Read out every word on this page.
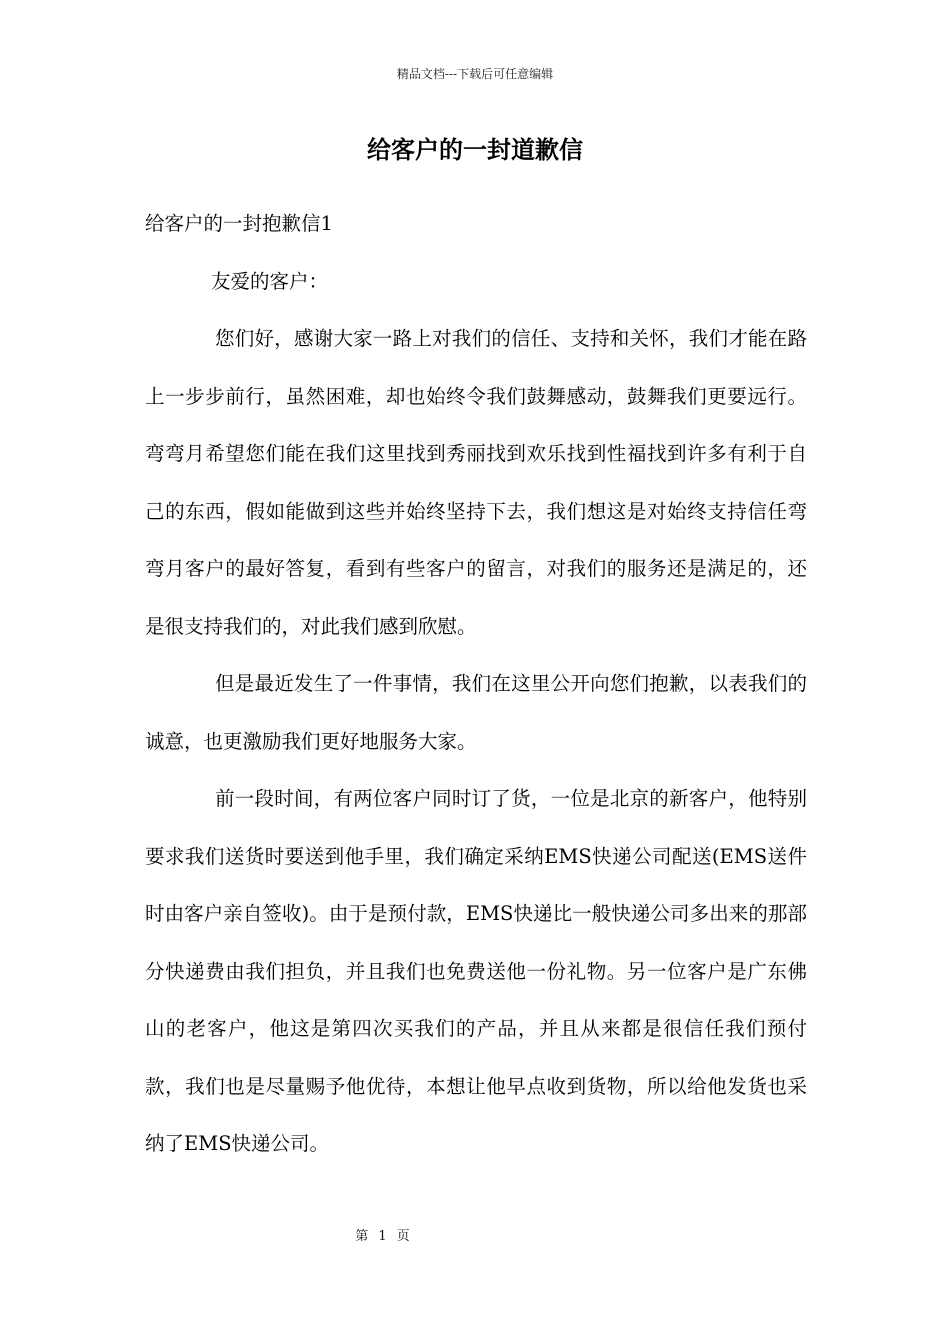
精品文档---下载后可任意编辑
给客户的一封道歉信

给客户的一封抱歉信1

友爱的客户：

您们好，感谢大家一路上对我们的信任、支持和关怀，我们才能在路上一步步前行，虽然困难，却也始终令我们鼓舞感动，鼓舞我们更要远行。弯弯月希望您们能在我们这里找到秀丽找到欢乐找到性福找到许多有利于自己的东西，假如能做到这些并始终坚持下去，我们想这是对始终支持信任弯弯月客户的最好答复，看到有些客户的留言，对我们的服务还是满足的，还是很支持我们的，对此我们感到欣慰。

但是最近发生了一件事情，我们在这里公开向您们抱歉，以表我们的诚意，也更激励我们更好地服务大家。

前一段时间，有两位客户同时订了货，一位是北京的新客户，他特别要求我们送货时要送到他手里，我们确定采纳EMS快递公司配送(EMS送件时由客户亲自签收)。由于是预付款，EMS快递比一般快递公司多出来的那部分快递费由我们担负，并且我们也免费送他一份礼物。另一位客户是广东佛山的老客户，他这是第四次买我们的产品，并且从来都是很信任我们预付款，我们也是尽量赐予他优待，本想让他早点收到货物，所以给他发货也采纳了EMS快递公司。

第 1 页
